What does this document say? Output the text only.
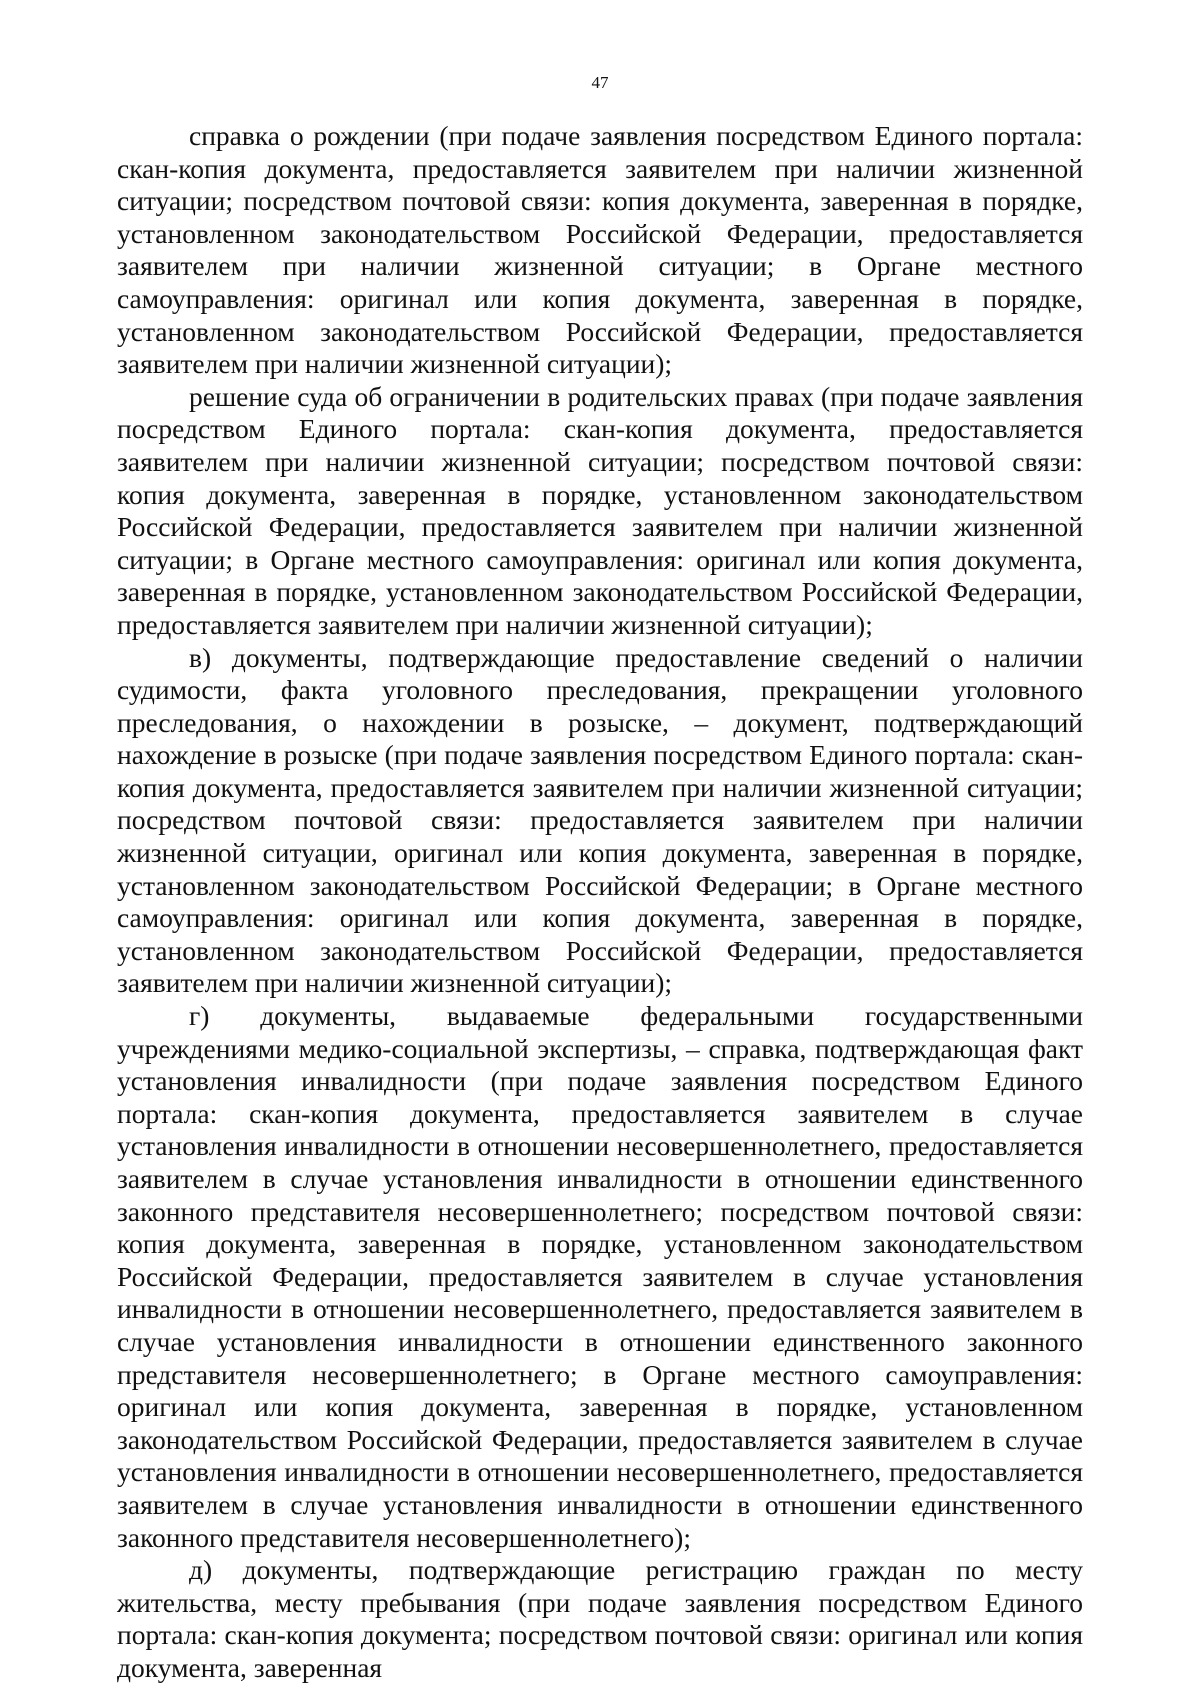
47

справка о рождении (при подаче заявления посредством Единого портала: скан-копия документа, предоставляется заявителем при наличии жизненной ситуации; посредством почтовой связи: копия документа, заверенная в порядке, установленном законодательством Российской Федерации, предоставляется заявителем при наличии жизненной ситуации; в Органе местного самоуправления: оригинал или копия документа, заверенная в порядке, установленном законодательством Российской Федерации, предоставляется заявителем при наличии жизненной ситуации);

решение суда об ограничении в родительских правах (при подаче заявления посредством Единого портала: скан-копия документа, предоставляется заявителем при наличии жизненной ситуации; посредством почтовой связи: копия документа, заверенная в порядке, установленном законодательством Российской Федерации, предоставляется заявителем при наличии жизненной ситуации; в Органе местного самоуправления: оригинал или копия документа, заверенная в порядке, установленном законодательством Российской Федерации, предоставляется заявителем при наличии жизненной ситуации);

в) документы, подтверждающие предоставление сведений о наличии судимости, факта уголовного преследования, прекращении уголовного преследования, о нахождении в розыске, – документ, подтверждающий нахождение в розыске (при подаче заявления посредством Единого портала: скан-копия документа, предоставляется заявителем при наличии жизненной ситуации; посредством почтовой связи: предоставляется заявителем при наличии жизненной ситуации, оригинал или копия документа, заверенная в порядке, установленном законодательством Российской Федерации; в Органе местного самоуправления: оригинал или копия документа, заверенная в порядке, установленном законодательством Российской Федерации, предоставляется заявителем при наличии жизненной ситуации);

г) документы, выдаваемые федеральными государственными учреждениями медико-социальной экспертизы, – справка, подтверждающая факт установления инвалидности (при подаче заявления посредством Единого портала: скан-копия документа, предоставляется заявителем в случае установления инвалидности в отношении несовершеннолетнего, предоставляется заявителем в случае установления инвалидности в отношении единственного законного представителя несовершеннолетнего; посредством почтовой связи: копия документа, заверенная в порядке, установленном законодательством Российской Федерации, предоставляется заявителем в случае установления инвалидности в отношении несовершеннолетнего, предоставляется заявителем в случае установления инвалидности в отношении единственного законного представителя несовершеннолетнего; в Органе местного самоуправления: оригинал или копия документа, заверенная в порядке, установленном законодательством Российской Федерации, предоставляется заявителем в случае установления инвалидности в отношении несовершеннолетнего, предоставляется заявителем в случае установления инвалидности в отношении единственного законного представителя несовершеннолетнего);

д) документы, подтверждающие регистрацию граждан по месту жительства, месту пребывания (при подаче заявления посредством Единого портала: скан-копия документа; посредством почтовой связи: оригинал или копия документа, заверенная
